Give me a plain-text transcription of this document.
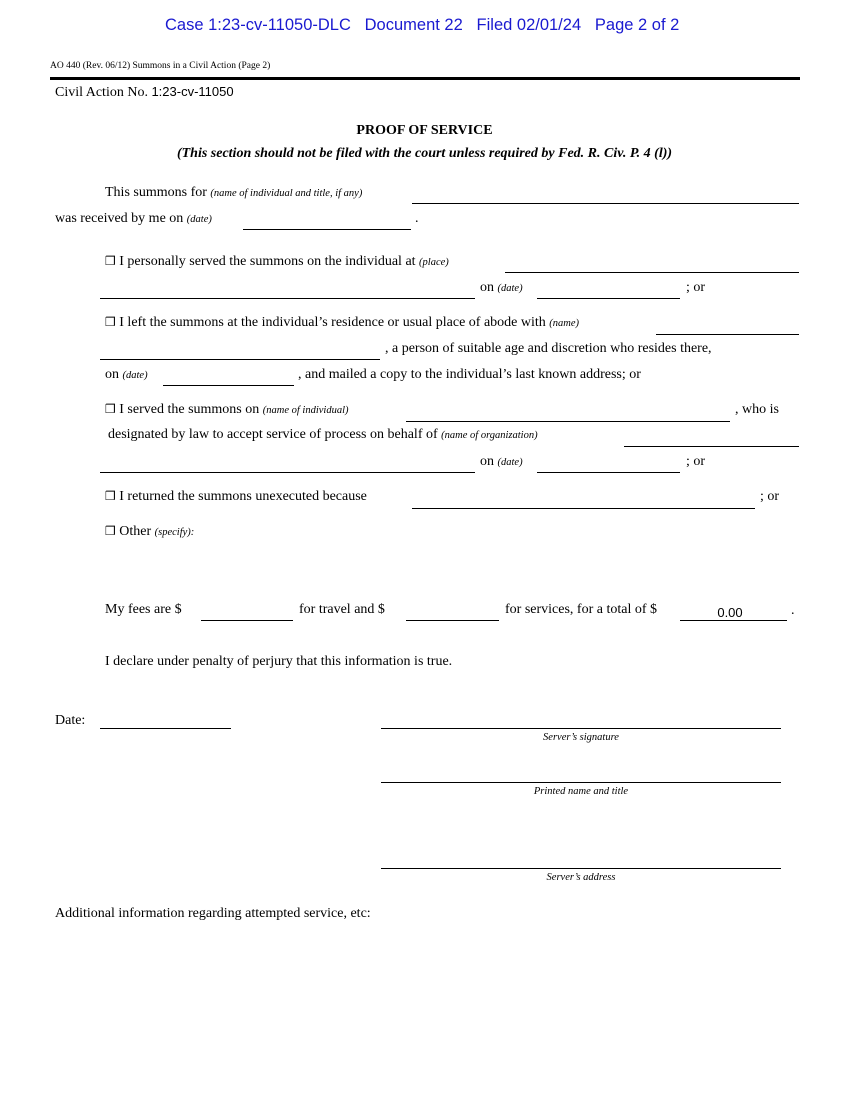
Case 1:23-cv-11050-DLC Document 22 Filed 02/01/24 Page 2 of 2
AO 440 (Rev. 06/12) Summons in a Civil Action (Page 2)
Civil Action No. 1:23-cv-11050
PROOF OF SERVICE
(This section should not be filed with the court unless required by Fed. R. Civ. P. 4 (l))
This summons for (name of individual and title, if any)
was received by me on (date)	.
❒ I personally served the summons on the individual at (place)
on (date)	; or
❒ I left the summons at the individual’s residence or usual place of abode with (name)
, a person of suitable age and discretion who resides there,
on (date)	, and mailed a copy to the individual’s last known address; or
❒ I served the summons on (name of individual)	, who is
designated by law to accept service of process on behalf of (name of organization)
on (date)	; or
❒ I returned the summons unexecuted because	; or
❒ Other (specify):
My fees are $	for travel and $	for services, for a total of $	0.00	.
I declare under penalty of perjury that this information is true.
Date:
Server’s signature
Printed name and title
Server’s address
Additional information regarding attempted service, etc:
